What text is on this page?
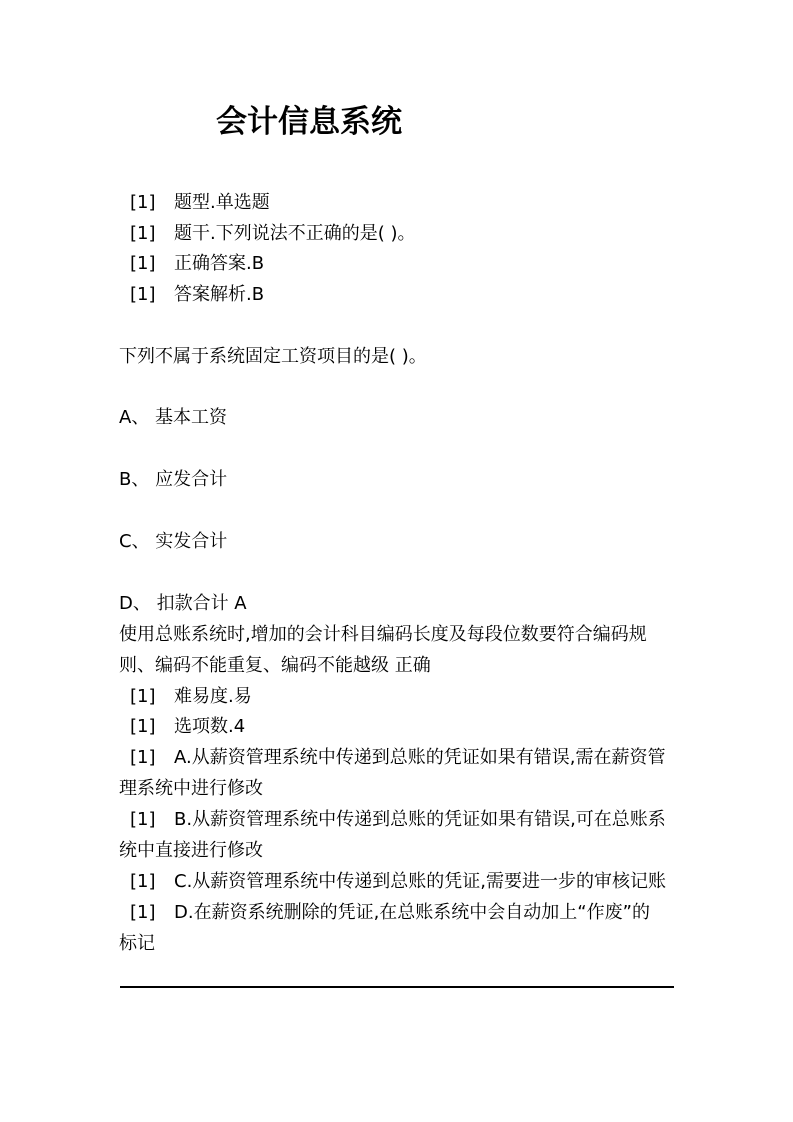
会计信息系统

[1] 题型.单选题

[1] 题干.下列说法不正确的是( )。

[1] 正确答案.B

[1] 答案解析.B

下列不属于系统固定工资项目的是( )。

A、 基本工资

B、 应发合计

C、 实发合计

D、 扣款合计 A

使用总账系统时,增加的会计科目编码长度及每段位数要符合编码规

则、编码不能重复、编码不能越级 正确

[1] 难易度.易

[1] 选项数.4

[1] A.从薪资管理系统中传递到总账的凭证如果有错误,需在薪资管

理系统中进行修改

[1] B.从薪资管理系统中传递到总账的凭证如果有错误,可在总账系

统中直接进行修改

[1] C.从薪资管理系统中传递到总账的凭证,需要进一步的审核记账

[1] D.在薪资系统删除的凭证,在总账系统中会自动加上“作废”的

标记
